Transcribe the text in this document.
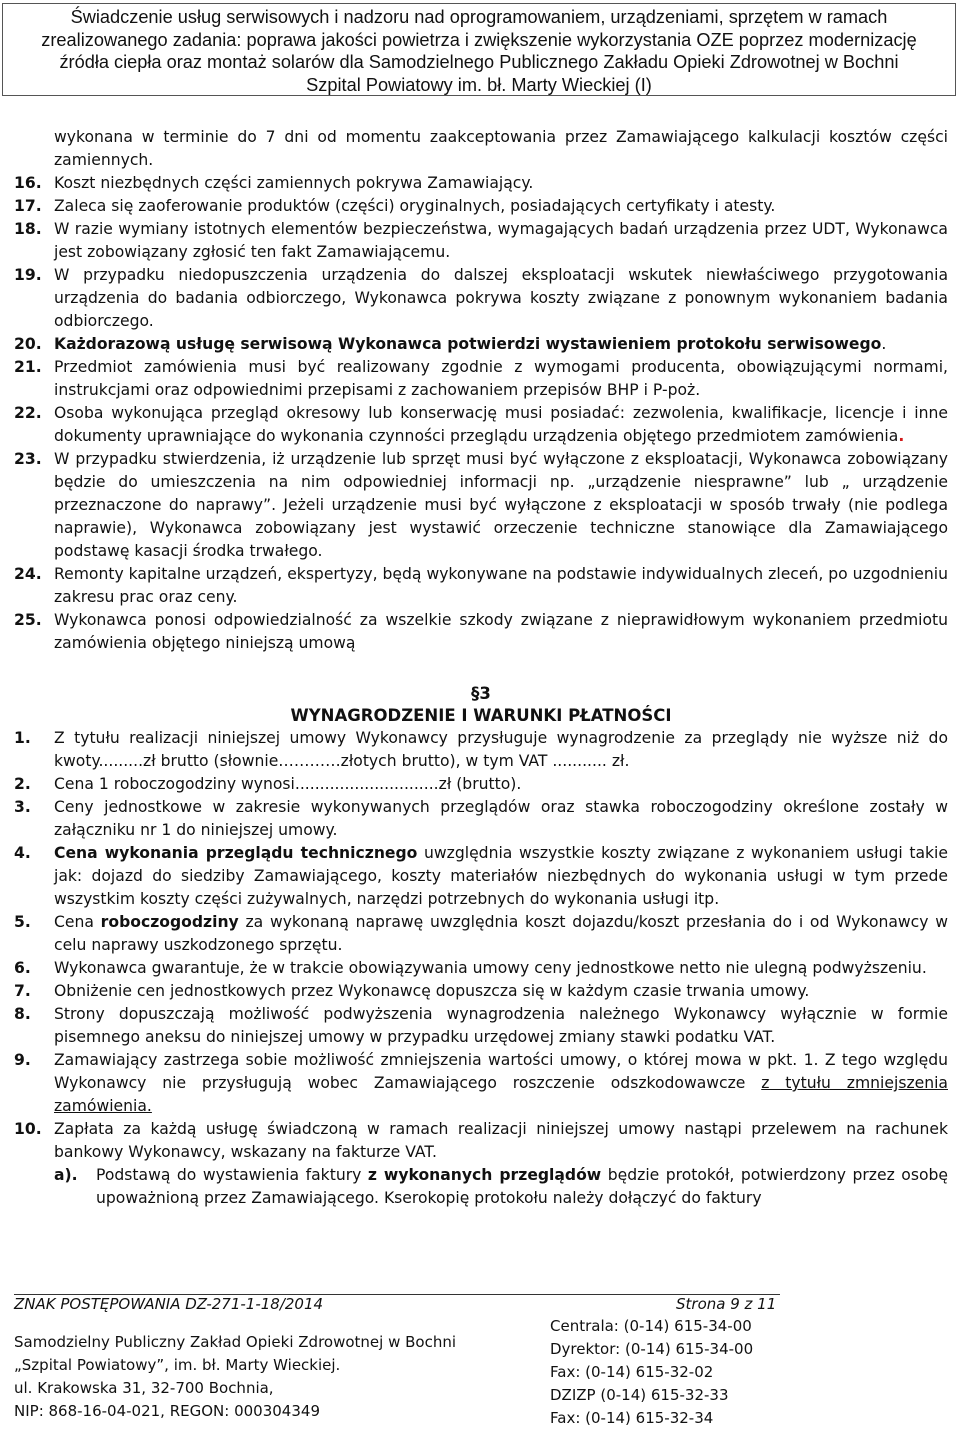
Świadczenie usług serwisowych i nadzoru nad oprogramowaniem, urządzeniami, sprzętem w ramach
zrealizowanego zadania: poprawa jakości powietrza i zwiększenie wykorzystania OZE poprzez modernizację
źródła ciepła oraz montaż solarów dla Samodzielnego Publicznego Zakładu Opieki Zdrowotnej w Bochni
Szpital Powiatowy im. bł. Marty Wieckiej (I)

wykonana w terminie do 7 dni od momentu zaakceptowania przez Zamawiającego kalkulacji kosztów części zamiennych.

16. Koszt niezbędnych części zamiennych pokrywa Zamawiający.

17. Zaleca się zaoferowanie produktów (części) oryginalnych, posiadających certyfikaty i atesty.

18. W razie wymiany istotnych elementów bezpieczeństwa, wymagających badań urządzenia przez UDT, Wykonawca jest zobowiązany zgłosić ten fakt Zamawiającemu.

19. W przypadku niedopuszczenia urządzenia do dalszej eksploatacji wskutek niewłaściwego przygotowania urządzenia do badania odbiorczego, Wykonawca pokrywa koszty związane z ponownym wykonaniem badania odbiorczego.

20. Każdorazową usługę serwisową Wykonawca potwierdzi wystawieniem protokołu serwisowego.

21. Przedmiot zamówienia musi być realizowany zgodnie z wymogami producenta, obowiązującymi normami, instrukcjami oraz odpowiednimi przepisami z zachowaniem przepisów BHP i P-poż.

22. Osoba wykonująca przegląd okresowy lub konserwację musi posiadać: zezwolenia, kwalifikacje, licencje i inne dokumenty uprawniające do wykonania czynności przeglądu urządzenia objętego przedmiotem zamówienia.

23. W przypadku stwierdzenia, iż urządzenie lub sprzęt musi być wyłączone z eksploatacji, Wykonawca zobowiązany będzie do umieszczenia na nim odpowiedniej informacji np. „urządzenie niesprawne” lub „ urządzenie przeznaczone do naprawy”. Jeżeli urządzenie musi być wyłączone z eksploatacji w sposób trwały (nie podlega naprawie), Wykonawca zobowiązany jest wystawić orzeczenie techniczne stanowiące dla Zamawiającego podstawę kasacji środka trwałego.

24. Remonty kapitalne urządzeń, ekspertyzy, będą wykonywane na podstawie indywidualnych zleceń, po uzgodnieniu zakresu prac oraz ceny.

25. Wykonawca ponosi odpowiedzialność za wszelkie szkody związane z nieprawidłowym wykonaniem przedmiotu zamówienia objętego niniejszą umową

§3
WYNAGRODZENIE I WARUNKI PŁATNOŚCI

1. Z tytułu realizacji niniejszej umowy Wykonawcy przysługuje wynagrodzenie za przeglądy nie wyższe niż do kwoty.........zł brutto (słownie…………złotych brutto), w tym VAT ........... zł.

2. Cena 1 roboczogodziny wynosi.............................zł (brutto).

3. Ceny jednostkowe w zakresie wykonywanych przeglądów oraz stawka roboczogodziny określone zostały w załączniku nr 1 do niniejszej umowy.

4. Cena wykonania przeglądu technicznego uwzględnia wszystkie koszty związane z wykonaniem usługi takie jak: dojazd do siedziby Zamawiającego, koszty materiałów niezbędnych do wykonania usługi w tym przede wszystkim koszty części zużywalnych, narzędzi potrzebnych do wykonania usługi itp.

5. Cena roboczogodziny za wykonaną naprawę uwzględnia koszt dojazdu/koszt przesłania do i od Wykonawcy w celu naprawy uszkodzonego sprzętu.

6. Wykonawca gwarantuje, że w trakcie obowiązywania umowy ceny jednostkowe netto nie ulegną podwyższeniu.

7. Obniżenie cen jednostkowych przez Wykonawcę dopuszcza się w każdym czasie trwania umowy.

8. Strony dopuszczają możliwość podwyższenia wynagrodzenia należnego Wykonawcy wyłącznie w formie pisemnego aneksu do niniejszej umowy w przypadku urzędowej zmiany stawki podatku VAT.

9. Zamawiający zastrzega sobie możliwość zmniejszenia wartości umowy, o której mowa w pkt. 1. Z tego względu Wykonawcy nie przysługują wobec Zamawiającego roszczenie odszkodowawcze z tytułu zmniejszenia zamówienia.

10. Zapłata za każdą usługę świadczoną w ramach realizacji niniejszej umowy nastąpi przelewem na rachunek bankowy Wykonawcy, wskazany na fakturze VAT.

a). Podstawą do wystawienia faktury z wykonanych przeglądów będzie protokół, potwierdzony przez osobę upoważnioną przez Zamawiającego. Kserokopię protokołu należy dołączyć do faktury

ZNAK POSTĘPOWANIA DZ-271-1-18/2014	Strona 9 z 11
Samodzielny Publiczny Zakład Opieki Zdrowotnej w Bochni
„Szpital Powiatowy”, im. bł. Marty Wieckiej.
ul. Krakowska 31, 32-700 Bochnia,
NIP: 868-16-04-021, REGON: 000304349
Centrala: (0-14) 615-34-00
Dyrektor: (0-14) 615-34-00
Fax: (0-14) 615-32-02
DZIZP (0-14) 615-32-33
Fax: (0-14) 615-32-34
